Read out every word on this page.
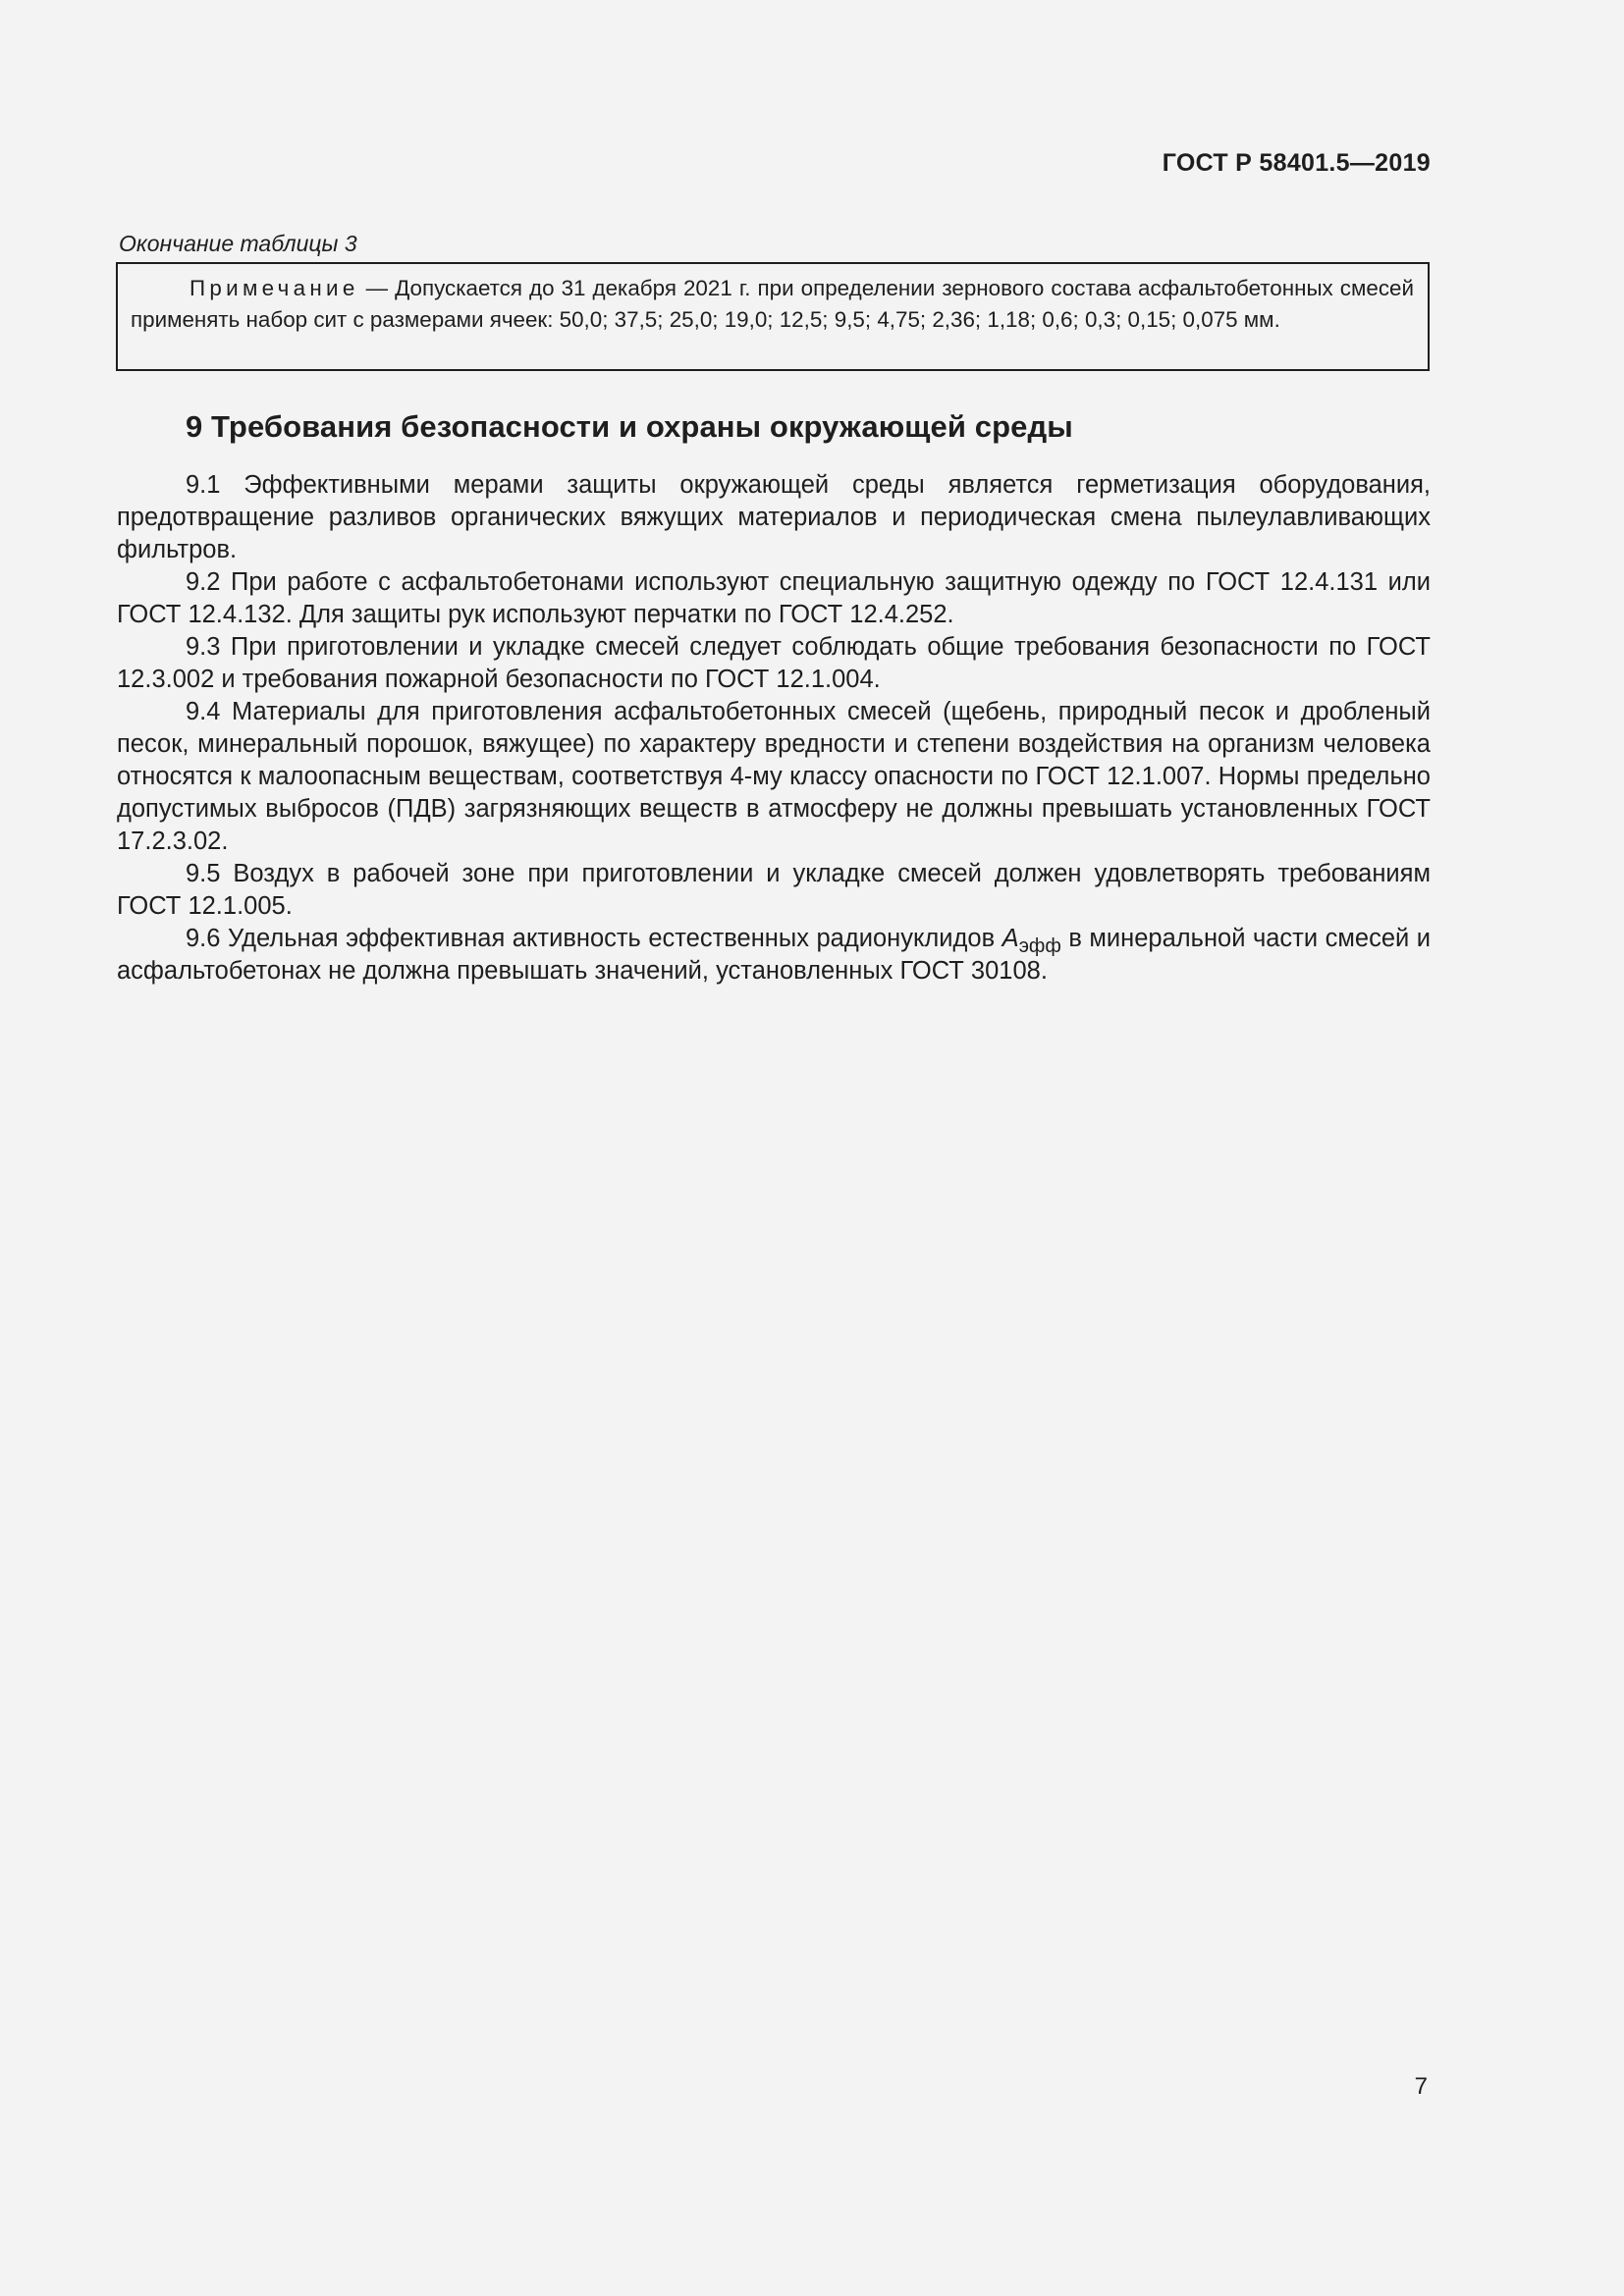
ГОСТ Р 58401.5—2019
Окончание таблицы 3
Примечание — Допускается до 31 декабря 2021 г. при определении зернового состава асфальтобетонных смесей применять набор сит с размерами ячеек: 50,0; 37,5; 25,0; 19,0; 12,5; 9,5; 4,75; 2,36; 1,18; 0,6; 0,3; 0,15; 0,075 мм.
9 Требования безопасности и охраны окружающей среды

9.1 Эффективными мерами защиты окружающей среды является герметизация оборудования, предотвращение разливов органических вяжущих материалов и периодическая смена пылеулавливающих фильтров.

9.2 При работе с асфальтобетонами используют специальную защитную одежду по ГОСТ 12.4.131 или ГОСТ 12.4.132. Для защиты рук используют перчатки по ГОСТ 12.4.252.

9.3 При приготовлении и укладке смесей следует соблюдать общие требования безопасности по ГОСТ 12.3.002 и требования пожарной безопасности по ГОСТ 12.1.004.

9.4 Материалы для приготовления асфальтобетонных смесей (щебень, природный песок и дробленый песок, минеральный порошок, вяжущее) по характеру вредности и степени воздействия на организм человека относятся к малоопасным веществам, соответствуя 4-му классу опасности по ГОСТ 12.1.007. Нормы предельно допустимых выбросов (ПДВ) загрязняющих веществ в атмосферу не должны превышать установленных ГОСТ 17.2.3.02.

9.5 Воздух в рабочей зоне при приготовлении и укладке смесей должен удовлетворять требованиям ГОСТ 12.1.005.

9.6 Удельная эффективная активность естественных радионуклидов $A_{эфф}$ в минеральной части смесей и асфальтобетонах не должна превышать значений, установленных ГОСТ 30108.

7
